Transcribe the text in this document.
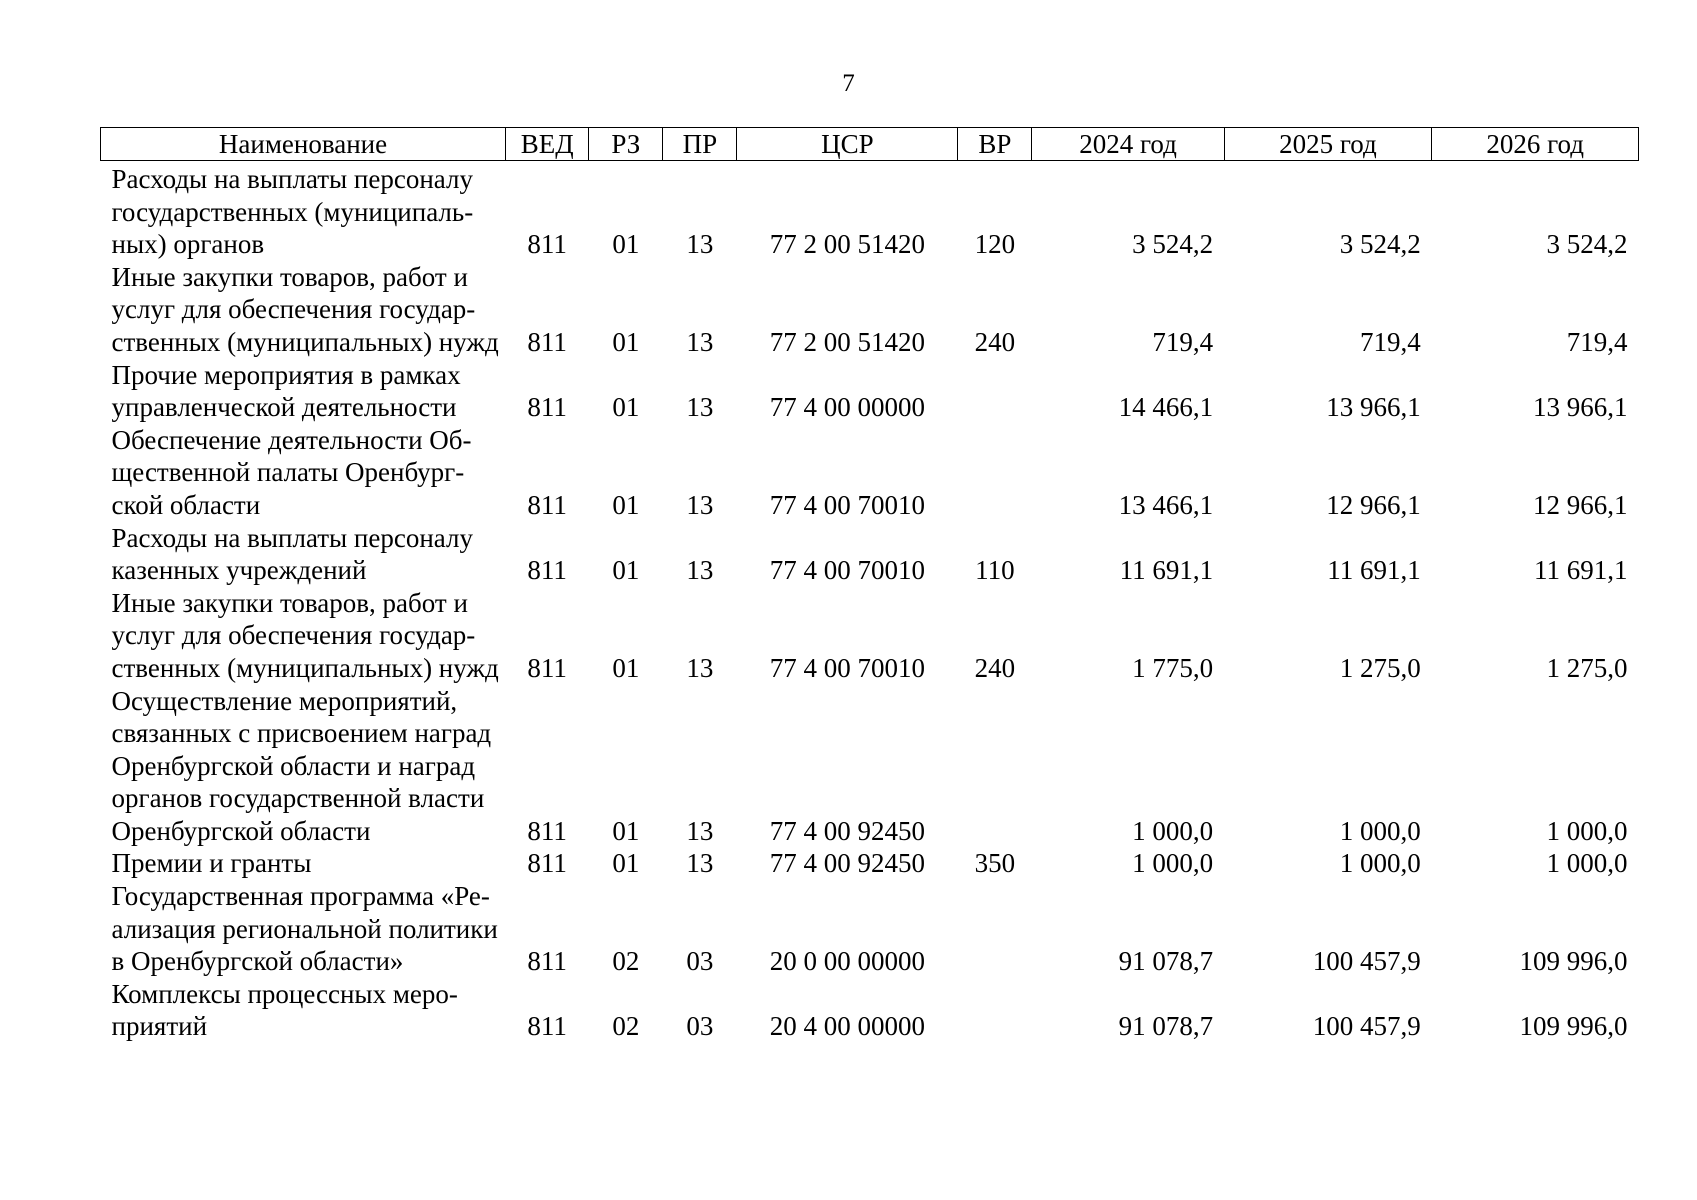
7
Наименование	ВЕД	РЗ	ПР	ЦСР	ВР	2024 год	2025 год	2026 год
Расходы на выплаты персоналу
государственных (муниципаль-
ных) органов	811	01	13	77 2 00 51420	120	3 524,2	3 524,2	3 524,2
Иные закупки товаров, работ и
услуг для обеспечения государ-
ственных (муниципальных) нужд	811	01	13	77 2 00 51420	240	719,4	719,4	719,4
Прочие мероприятия в рамках
управленческой деятельности	811	01	13	77 4 00 00000		14 466,1	13 966,1	13 966,1
Обеспечение деятельности Об-
щественной палаты Оренбург-
ской области	811	01	13	77 4 00 70010		13 466,1	12 966,1	12 966,1
Расходы на выплаты персоналу
казенных учреждений	811	01	13	77 4 00 70010	110	11 691,1	11 691,1	11 691,1
Иные закупки товаров, работ и
услуг для обеспечения государ-
ственных (муниципальных) нужд	811	01	13	77 4 00 70010	240	1 775,0	1 275,0	1 275,0
Осуществление мероприятий,
связанных с присвоением наград
Оренбургской области и наград
органов государственной власти
Оренбургской области	811	01	13	77 4 00 92450		1 000,0	1 000,0	1 000,0
Премии и гранты	811	01	13	77 4 00 92450	350	1 000,0	1 000,0	1 000,0
Государственная программа «Ре-
ализация региональной политики
в Оренбургской области»	811	02	03	20 0 00 00000		91 078,7	100 457,9	109 996,0
Комплексы процессных меро-
приятий	811	02	03	20 4 00 00000		91 078,7	100 457,9	109 996,0
